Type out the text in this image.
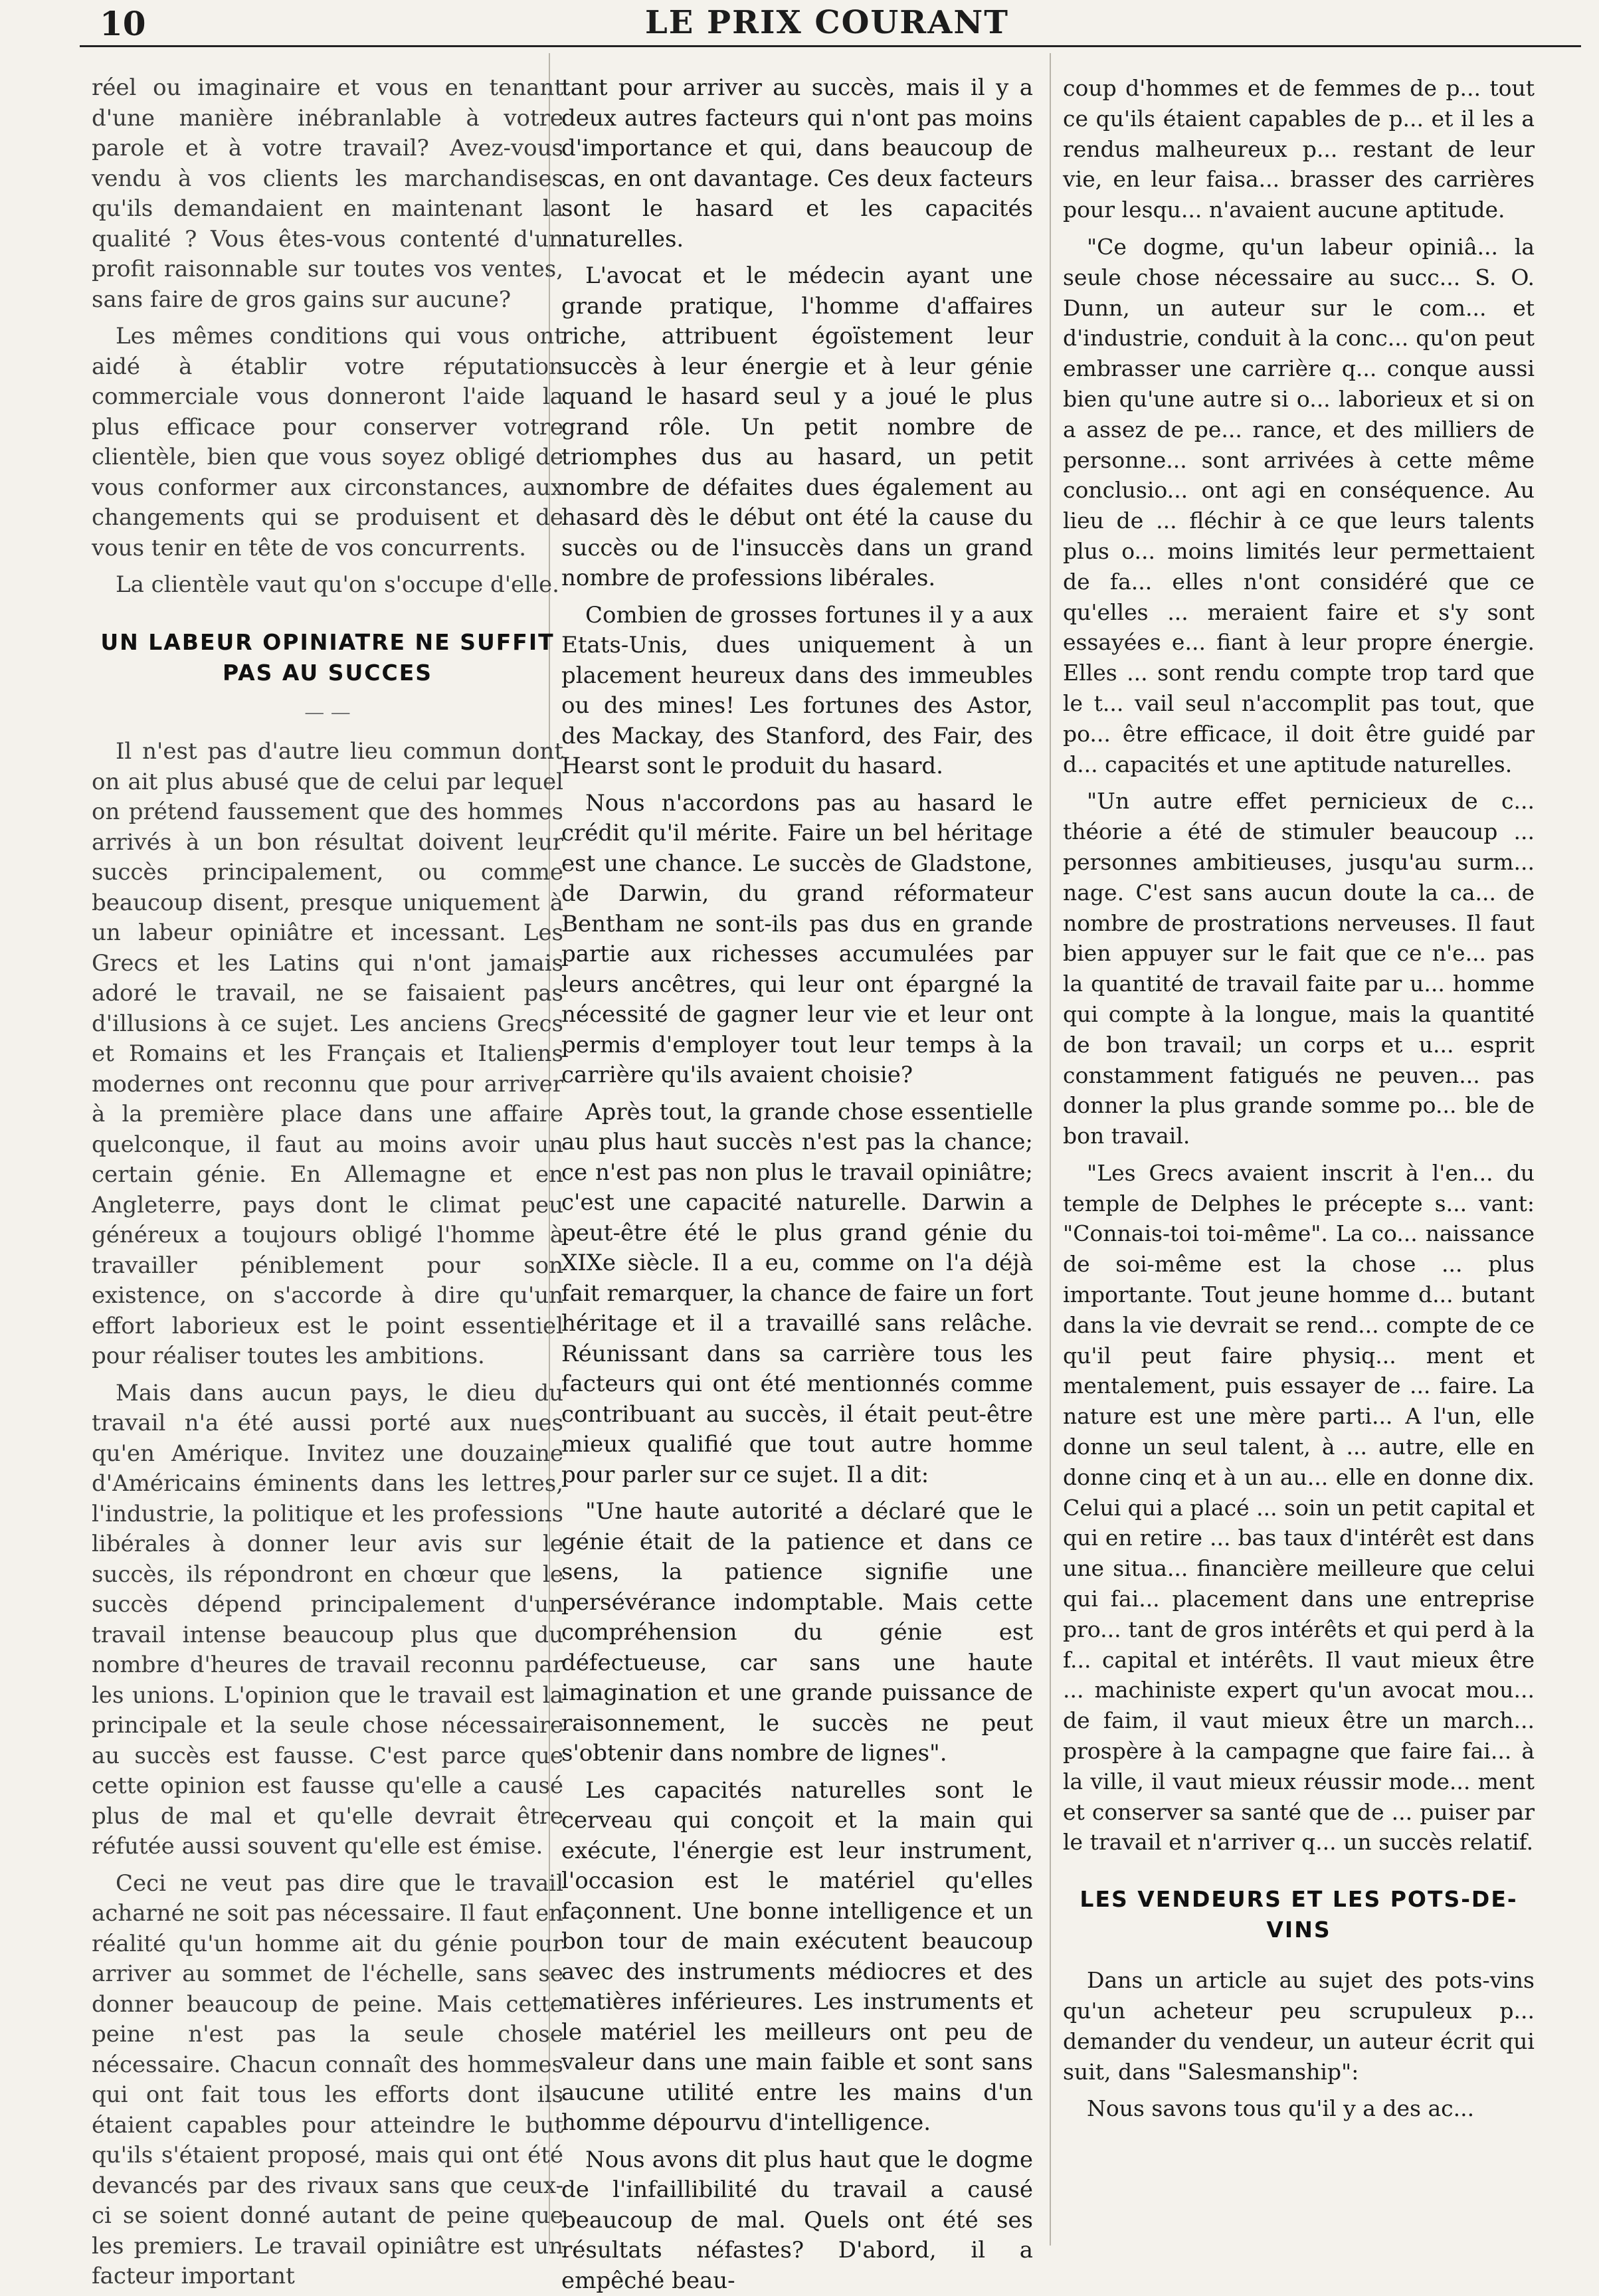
10	LE PRIX COURANT

réel ou imaginaire et vous en tenant d'une manière inébranlable à votre parole et à votre travail? Avez-vous vendu à vos clients les marchandises qu'ils demandaient en maintenant la qualité ? Vous êtes-vous contenté d'un profit raisonnable sur toutes vos ventes, sans faire de gros gains sur aucune?

Les mêmes conditions qui vous ont aidé à établir votre réputation commerciale vous donneront l'aide la plus efficace pour conserver votre clientèle, bien que vous soyez obligé de vous conformer aux circonstances, aux changements qui se produisent et de vous tenir en tête de vos concurrents.

La clientèle vaut qu'on s'occupe d'elle.

UN LABEUR OPINIATRE NE SUFFIT PAS AU SUCCES
— —

Il n'est pas d'autre lieu commun dont on ait plus abusé que de celui par lequel on prétend faussement que des hommes arrivés à un bon résultat doivent leur succès principalement, ou comme beaucoup disent, presque uniquement à un labeur opiniâtre et incessant. Les Grecs et les Latins qui n'ont jamais adoré le travail, ne se faisaient pas d'illusions à ce sujet. Les anciens Grecs et Romains et les Français et Italiens modernes ont reconnu que pour arriver à la première place dans une affaire quelconque, il faut au moins avoir un certain génie. En Allemagne et en Angleterre, pays dont le climat peu généreux a toujours obligé l'homme à travailler péniblement pour son existence, on s'accorde à dire qu'un effort laborieux est le point essentiel pour réaliser toutes les ambitions.

Mais dans aucun pays, le dieu du travail n'a été aussi porté aux nues qu'en Amérique. Invitez une douzaine d'Américains éminents dans les lettres, l'industrie, la politique et les professions libérales à donner leur avis sur le succès, ils répondront en chœur que le succès dépend principalement d'un travail intense beaucoup plus que du nombre d'heures de travail reconnu par les unions. L'opinion que le travail est la principale et la seule chose nécessaire au succès est fausse. C'est parce que cette opinion est fausse qu'elle a causé plus de mal et qu'elle devrait être réfutée aussi souvent qu'elle est émise.

Ceci ne veut pas dire que le travail acharné ne soit pas nécessaire. Il faut en réalité qu'un homme ait du génie pour arriver au sommet de l'échelle, sans se donner beaucoup de peine. Mais cette peine n'est pas la seule chose nécessaire. Chacun connaît des hommes qui ont fait tous les efforts dont ils étaient capables pour atteindre le but qu'ils s'étaient proposé, mais qui ont été devancés par des rivaux sans que ceux-ci se soient donné autant de peine que les premiers. Le travail opiniâtre est un facteur important

tant pour arriver au succès, mais il y a deux autres facteurs qui n'ont pas moins d'importance et qui, dans beaucoup de cas, en ont davantage. Ces deux facteurs sont le hasard et les capacités naturelles.

L'avocat et le médecin ayant une grande pratique, l'homme d'affaires riche, attribuent égoïstement leur succès à leur énergie et à leur génie quand le hasard seul y a joué le plus grand rôle. Un petit nombre de triomphes dus au hasard, un petit nombre de défaites dues également au hasard dès le début ont été la cause du succès ou de l'insuccès dans un grand nombre de professions libérales.

Combien de grosses fortunes il y a aux Etats-Unis, dues uniquement à un placement heureux dans des immeubles ou des mines! Les fortunes des Astor, des Mackay, des Stanford, des Fair, des Hearst sont le produit du hasard.

Nous n'accordons pas au hasard le crédit qu'il mérite. Faire un bel héritage est une chance. Le succès de Gladstone, de Darwin, du grand réformateur Bentham ne sont-ils pas dus en grande partie aux richesses accumulées par leurs ancêtres, qui leur ont épargné la nécessité de gagner leur vie et leur ont permis d'employer tout leur temps à la carrière qu'ils avaient choisie?

Après tout, la grande chose essentielle au plus haut succès n'est pas la chance; ce n'est pas non plus le travail opiniâtre; c'est une capacité naturelle. Darwin a peut-être été le plus grand génie du XIXe siècle. Il a eu, comme on l'a déjà fait remarquer, la chance de faire un fort héritage et il a travaillé sans relâche. Réunissant dans sa carrière tous les facteurs qui ont été mentionnés comme contribuant au succès, il était peut-être mieux qualifié que tout autre homme pour parler sur ce sujet. Il a dit:

"Une haute autorité a déclaré que le génie était de la patience et dans ce sens, la patience signifie une persévérance indomptable. Mais cette compréhension du génie est défectueuse, car sans une haute imagination et une grande puissance de raisonnement, le succès ne peut s'obtenir dans nombre de lignes".

Les capacités naturelles sont le cerveau qui conçoit et la main qui exécute, l'énergie est leur instrument, l'occasion est le matériel qu'elles façonnent. Une bonne intelligence et un bon tour de main exécutent beaucoup avec des instruments médiocres et des matières inférieures. Les instruments et le matériel les meilleurs ont peu de valeur dans une main faible et sont sans aucune utilité entre les mains d'un homme dépourvu d'intelligence.

Nous avons dit plus haut que le dogme de l'infaillibilité du travail a causé beaucoup de mal. Quels ont été ses résultats néfastes? D'abord, il a empêché beau-

coup d'hommes et de femmes de p... tout ce qu'ils étaient capables de p... et il les a rendus malheureux p... restant de leur vie, en leur faisa... brasser des carrières pour lesqu... n'avaient aucune aptitude.

"Ce dogme, qu'un labeur opiniâ... la seule chose nécessaire au succ... S. O. Dunn, un auteur sur le com... et d'industrie, conduit à la conc... qu'on peut embrasser une carrière q... conque aussi bien qu'une autre si o... laborieux et si on a assez de pe... rance, et des milliers de personne... sont arrivées à cette même conclusio... ont agi en conséquence. Au lieu de ... fléchir à ce que leurs talents plus o... moins limités leur permettaient de fa... elles n'ont considéré que ce qu'elles ... meraient faire et s'y sont essayées e... fiant à leur propre énergie. Elles ... sont rendu compte trop tard que le t... vail seul n'accomplit pas tout, que po... être efficace, il doit être guidé par d... capacités et une aptitude naturelles.

"Un autre effet pernicieux de c... théorie a été de stimuler beaucoup ... personnes ambitieuses, jusqu'au surm... nage. C'est sans aucun doute la ca... de nombre de prostrations nerveuses. Il faut bien appuyer sur le fait que ce n'e... pas la quantité de travail faite par u... homme qui compte à la longue, mais la quantité de bon travail; un corps et u... esprit constamment fatigués ne peuven... pas donner la plus grande somme po... ble de bon travail.

"Les Grecs avaient inscrit à l'en... du temple de Delphes le précepte s... vant: "Connais-toi toi-même". La co... naissance de soi-même est la chose ... plus importante. Tout jeune homme d... butant dans la vie devrait se rend... compte de ce qu'il peut faire physiq... ment et mentalement, puis essayer de ... faire. La nature est une mère parti... A l'un, elle donne un seul talent, à ... autre, elle en donne cinq et à un au... elle en donne dix. Celui qui a placé ... soin un petit capital et qui en retire ... bas taux d'intérêt est dans une situa... financière meilleure que celui qui fai... placement dans une entreprise pro... tant de gros intérêts et qui perd à la f... capital et intérêts. Il vaut mieux être ... machiniste expert qu'un avocat mou... de faim, il vaut mieux être un march... prospère à la campagne que faire fai... à la ville, il vaut mieux réussir mode... ment et conserver sa santé que de ... puiser par le travail et n'arriver q... un succès relatif.

LES VENDEURS ET LES POTS-DE-VINS

Dans un article au sujet des pots-vins qu'un acheteur peu scrupuleux p... demander du vendeur, un auteur écrit qui suit, dans "Salesmanship":

Nous savons tous qu'il y a des ac...
